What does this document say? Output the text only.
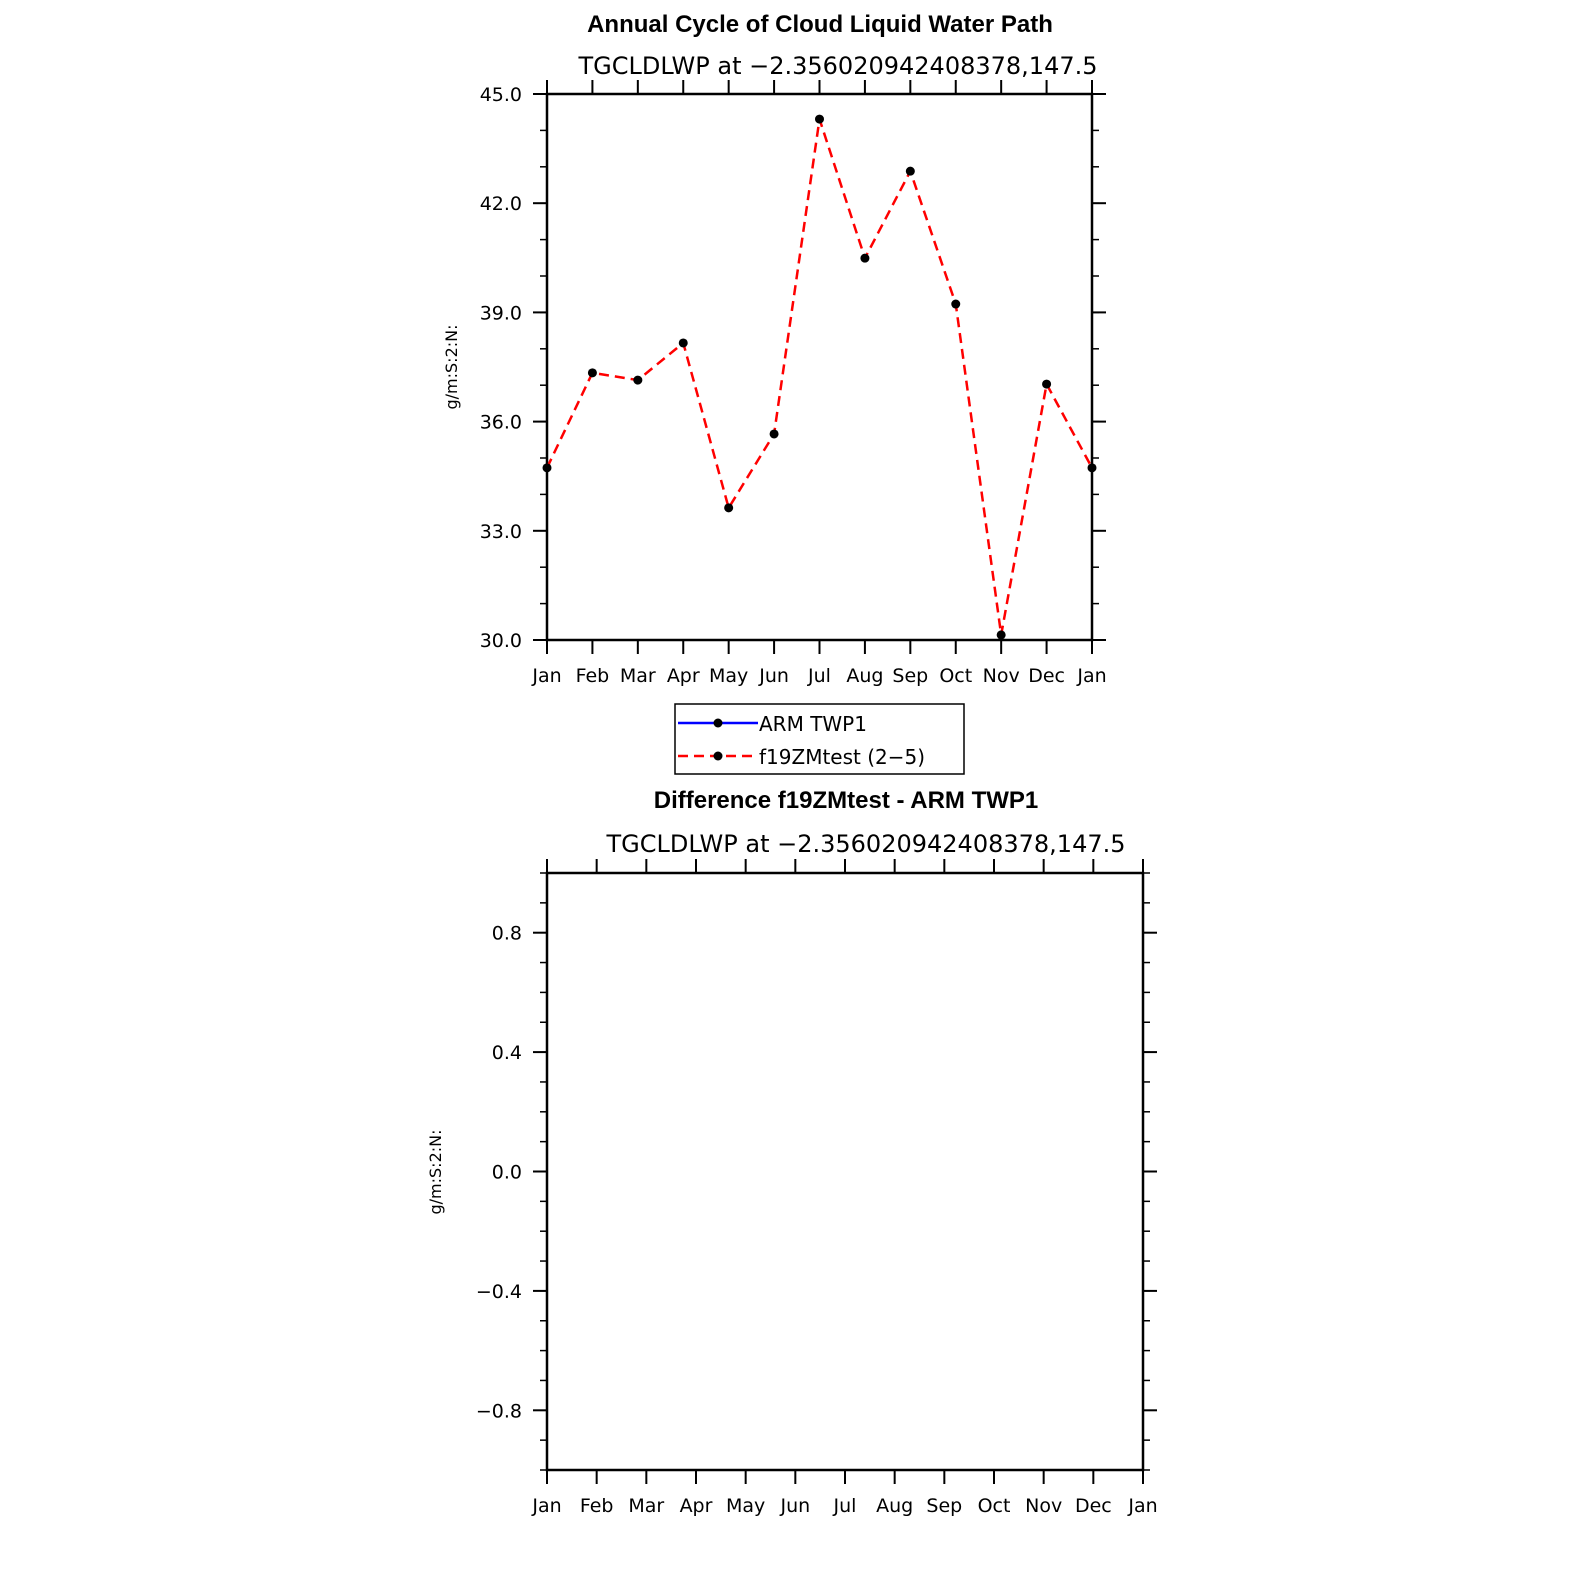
Annual Cycle of Cloud Liquid Water Path
TGCLDLWP at −2.356020942408378,147.5
g/m:S:2:N:
30.0
33.0
36.0
39.0
42.0
45.0
Jan Feb Mar Apr May Jun Jul Aug Sep Oct Nov Dec Jan
ARM TWP1
f19ZMtest (2−5)
Difference f19ZMtest - ARM TWP1
TGCLDLWP at −2.356020942408378,147.5
g/m:S:2:N:
−0.8
−0.4
0.0
0.4
0.8
Jan Feb Mar Apr May Jun Jul Aug Sep Oct Nov Dec Jan
